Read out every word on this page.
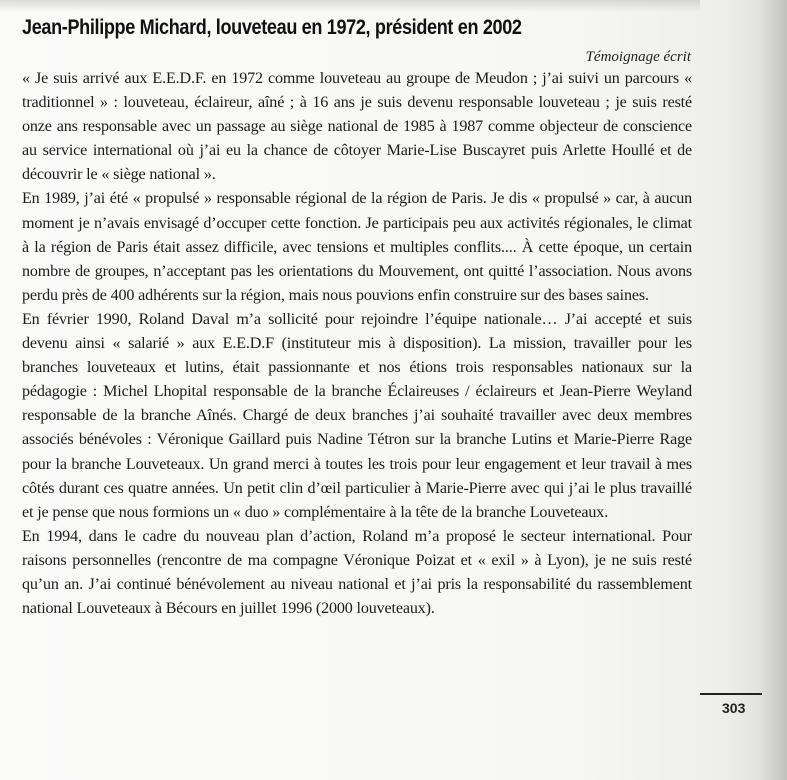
Jean-Philippe Michard, louveteau en 1972, président en 2002
Témoignage écrit

« Je suis arrivé aux E.E.D.F. en 1972 comme louveteau au groupe de Meudon ; j’ai suivi un parcours « traditionnel » : louveteau, éclaireur, aîné ; à 16 ans je suis devenu responsable louveteau ; je suis resté onze ans responsable avec un passage au siège national de 1985 à 1987 comme objecteur de conscience au service international où j’ai eu la chance de côtoyer Marie-Lise Buscayret puis Arlette Houllé et de découvrir le « siège national ».

En 1989, j’ai été « propulsé » responsable régional de la région de Paris. Je dis « propulsé » car, à aucun moment je n’avais envisagé d’occuper cette fonction. Je participais peu aux activités régionales, le climat à la région de Paris était assez difficile, avec tensions et multiples conflits.... À cette époque, un certain nombre de groupes, n’acceptant pas les orientations du Mouvement, ont quitté l’association. Nous avons perdu près de 400 adhérents sur la région, mais nous pouvions enfin construire sur des bases saines.

En février 1990, Roland Daval m’a sollicité pour rejoindre l’équipe nationale… J’ai accepté et suis devenu ainsi « salarié » aux E.E.D.F (instituteur mis à disposition). La mission, travailler pour les branches louveteaux et lutins, était passionnante et nos étions trois responsables nationaux sur la pédagogie : Michel Lhopital responsable de la branche Éclaireuses / éclaireurs et Jean-Pierre Weyland responsable de la branche Aînés. Chargé de deux branches j’ai souhaité travailler avec deux membres associés bénévoles : Véronique Gaillard puis Nadine Tétron sur la branche Lutins et Marie-Pierre Rage pour la branche Louveteaux. Un grand merci à toutes les trois pour leur engagement et leur travail à mes côtés durant ces quatre années. Un petit clin d’œil particulier à Marie-Pierre avec qui j’ai le plus travaillé et je pense que nous formions un « duo » complémentaire à la tête de la branche Louveteaux.

En 1994, dans le cadre du nouveau plan d’action, Roland m’a proposé le secteur international. Pour raisons personnelles (rencontre de ma compagne Véronique Poizat et « exil » à Lyon), je ne suis resté qu’un an. J’ai continué bénévolement au niveau national et j’ai pris la responsabilité du rassemblement national Louveteaux à Bécours en juillet 1996 (2000 louveteaux).

303
